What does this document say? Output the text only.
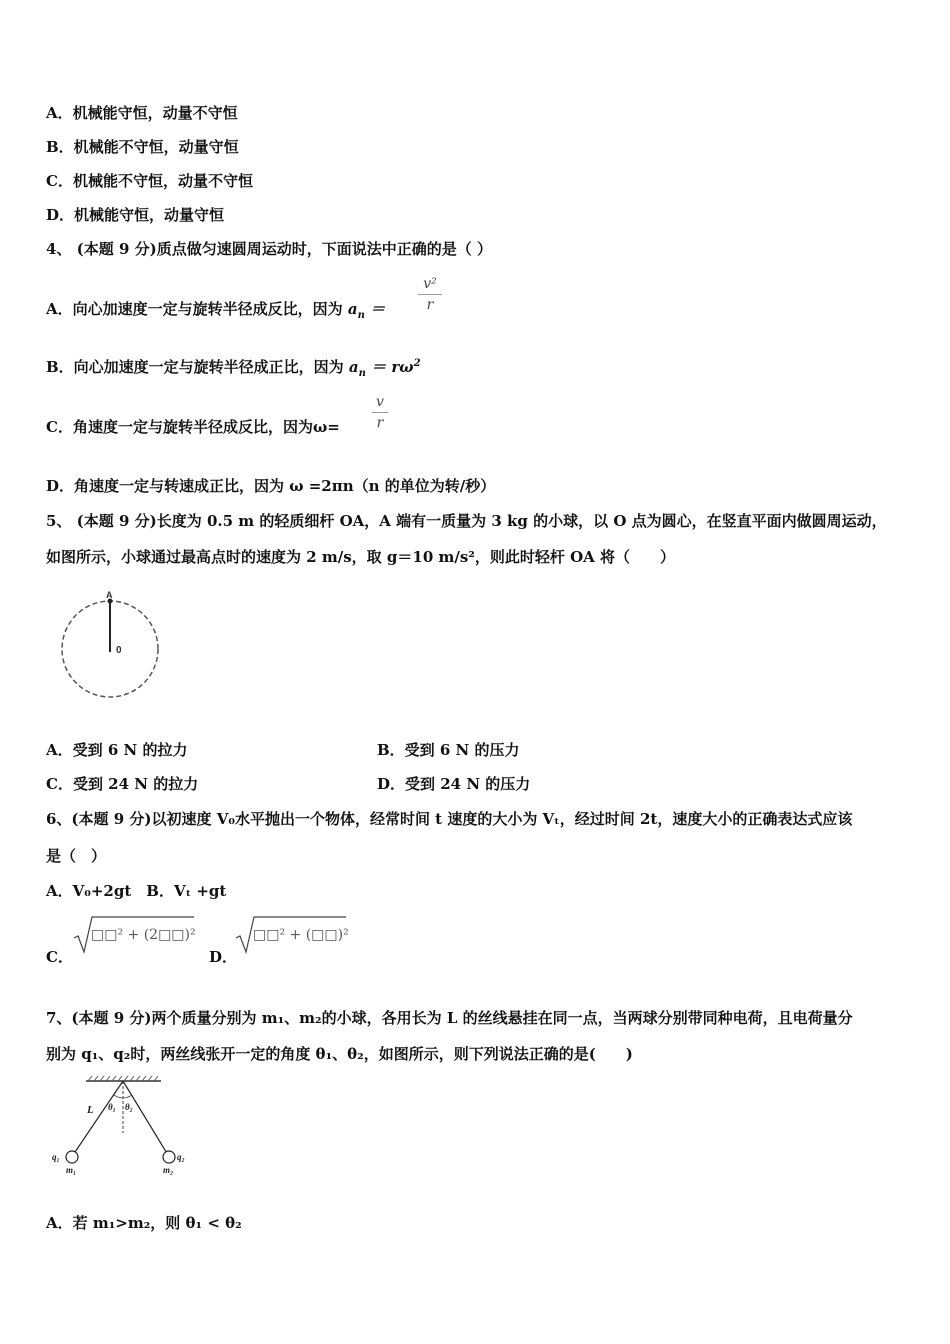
A．机械能守恒，动量不守恒
B．机械能不守恒，动量守恒
C．机械能不守恒，动量不守恒
D．机械能守恒，动量守恒
4、 (本题 9 分)质点做匀速圆周运动时，下面说法中正确的是（ ）
A．向心加速度一定与旋转半径成反比，因为 $a_n$ ＝
v²
r
B．向心加速度一定与旋转半径成正比，因为 $a_n = r\omega^2$
C．角速度一定与旋转半径成反比，因为ω=
v
r
D．角速度一定与转速成正比，因为 ω =2πn（n 的单位为转/秒）
5、 (本题 9 分)长度为 0.5 m 的轻质细杆 OA，A 端有一质量为 3 kg 的小球，以 O 点为圆心，在竖直平面内做圆周运动，
如图所示，小球通过最高点时的速度为 2 m/s，取 g＝10 m/s²，则此时轻杆 OA 将（　　）
A
0
A．受到 6 N 的拉力	B．受到 6 N 的压力
C．受到 24 N 的拉力	D．受到 24 N 的压力
6、(本题 9 分)以初速度 V₀水平抛出一个物体，经常时间 t 速度的大小为 Vₜ，经过时间 2t，速度大小的正确表达式应该
是（　）
A．V₀+2gt　B．Vₜ +gt
C．
□□² + (2□□)²
D．
□□² + (□□)²
7、(本题 9 分)两个质量分别为 m₁、m₂的小球，各用长为 L 的丝线悬挂在同一点，当两球分别带同种电荷，且电荷量分
别为 q₁、q₂时，两丝线张开一定的角度 θ₁、θ₂，如图所示，则下列说法正确的是(　　)
L θ₁ θ₂
q₁
m₁
q₂
m₂
A．若 m₁>m₂，则 θ₁ < θ₂
